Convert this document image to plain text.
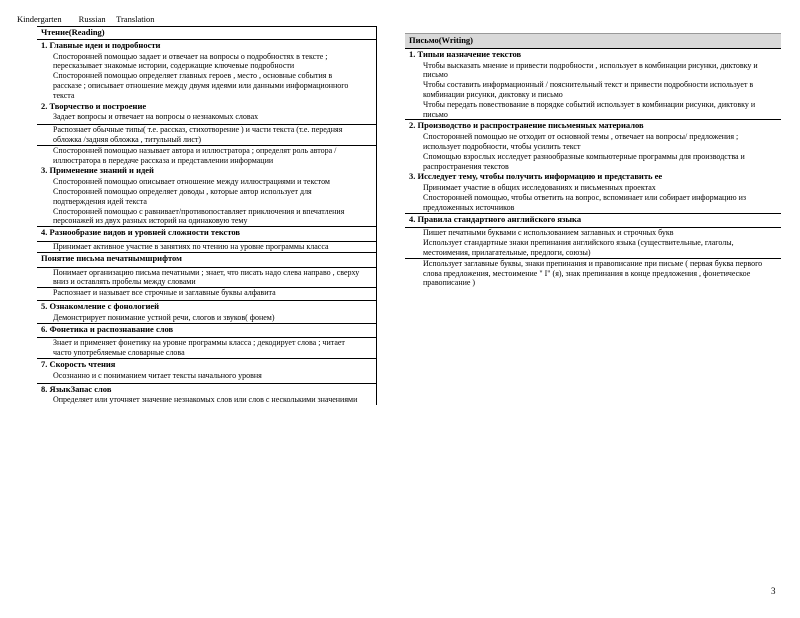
Kindergarten        Russian     Translation
Чтение(Reading)
1. Главные идеи и подробности
Спосторонней помощью задает и отвечает на вопросы о подробностях в тексте ; пересказывает знакомые истории, содержащие ключевые подробности
Спосторонней помощью определяет главных героев , место , основные события в рассказе ; описывает отношение между двумя идеями или данными информационного текста
2. Творчество и построение
Задает вопросы и отвечает на вопросы о незнакомых словах
Распознает обычные типы( т.е. рассказ, стихотворение ) и части текста (т.е. передняя обложка /задняя обложка , титульный лист)
Спосторонней помощью называет автора и иллюстратора ; определят роль автора / иллюстратора в передаче рассказа и представлении информации
3. Применение знаний и идей
Спосторонней помощью описывает отношение между иллюстрациями и текстом
Спосторонней помощью определяет доводы , которые автор использует для подтверждения идей текста
Спосторонней помощью с равнивает/противопоставляет приключения и впечатления персонажей из двух разных историй на одинаковую тему
4. Разнообразие видов и уровней сложности текстов
Принимает активное участие в занятиях по чтению на уровне программы класса
Понятие письма печатнымшрифтом
Понимает организацию письма печатными ; знает, что писать надо слева направо , сверху вниз и оставлять пробелы между словами
Распознает и называет все строчные и заглавные буквы алфавита
5. Ознакомление с фонологией
Демонстрирует понимание устной речи, слогов и звуков( фонем)
6. Фонетика и распознавание слов
Знает и применяет фонетику на уровне программы класса ; декодирует слова ; читает часто употребляемые словарные слова
7. Скорость чтения
Осознанно и с пониманием читает тексты начального уровня
8. ЯзыкЗапас слов
Определяет или уточняет значение незнакомых слов или слов с несколькими значениями
Письмо(Writing)
1. Типыи назначение текстов
Чтобы высказать мнение и привести подробности , использует в комбинации рисунки, диктовку и письмо
Чтобы составить информационный / пояснительный текст и привести подробности использует в комбинации рисунки, диктовку и письмо
Чтобы передать повествование в порядке событий использует в комбинации рисунки, диктовку и письмо
2. Производство и распространение письменных материалов
Спосторонней помощью не отходит от основной темы , отвечает на вопросы/ предложения ; использует подробности, чтобы усилить текст
Спомощью взрослых исследует разнообразные компьютерные программы для производства и распространения текстов
3. Исследует тему, чтобы получить информацию и представить ее
Принимает участие в общих исследованиях и письменных проектах
Спосторонней помощью, чтобы ответить на вопрос, вспоминает или собирает информацию из предложенных источников
4. Правила стандартного английского языка
Пишет печатными буквами с использованием заглавных и строчных букв
Использует стандартные знаки препинания английского языка (существительные, глаголы, местоимения, прилагательные, предлоги, союзы)
Использует заглавные буквы, знаки препинания и правописание при письме ( первая буква первого слова предложения, местоимение " I" (я), знак препинания в конце предложения , фонетическое правописание )
3
